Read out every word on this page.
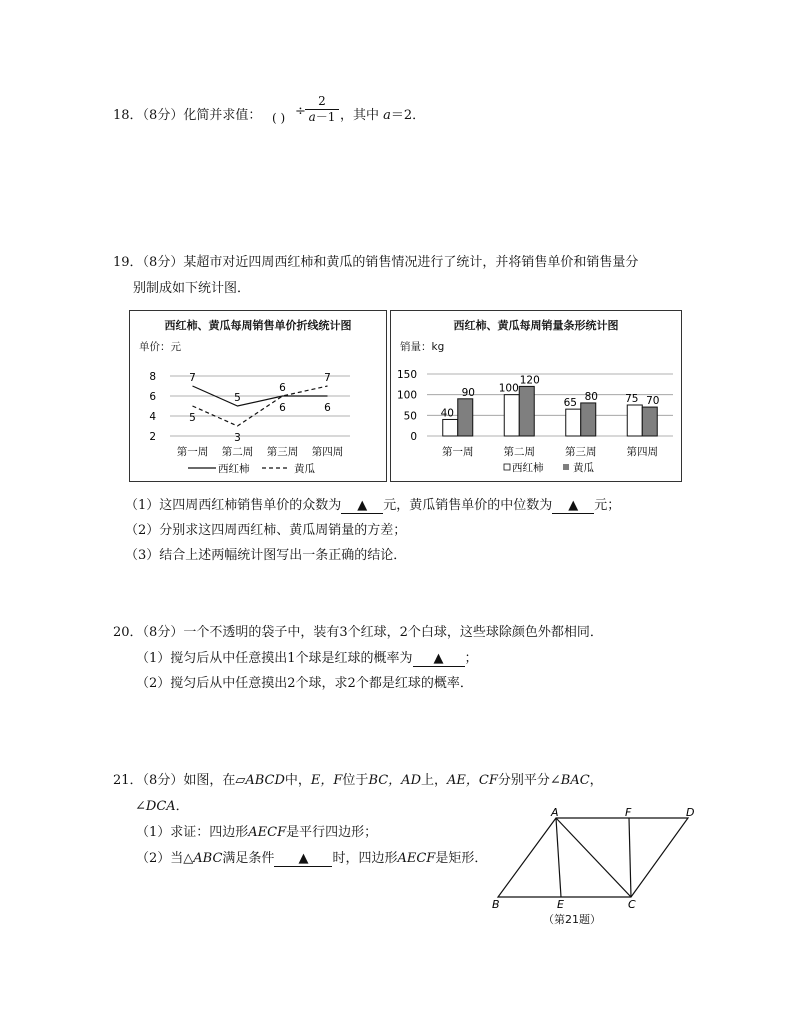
18．（8分）化简并求值： ( ) ÷ $\frac{2}{a-1}$ ，其中 a＝2．
19．（8分）某超市对近四周西红柿和黄瓜的销售情况进行了统计，并将销售单价和销售量分
别制成如下统计图．
西红柿、黄瓜每周销售单价折线统计图
单价：元
2
4
6
8
第一周 第二周 第三周 第四周
7
5
6
6
5
3
6
7
西红柿	黄瓜
西红柿、黄瓜每周销量条形统计图
销量：kg
0
50
100
150
第一周
40
90
第二周
100
120
第三周
65
80
第四周
75 70
西红柿	黄瓜
（1）这四周西红柿销售单价的众数为 ▲ 元，黄瓜销售单价的中位数为 ▲ 元；
（2）分别求这四周西红柿、黄瓜周销量的方差；
（3）结合上述两幅统计图写出一条正确的结论．
20．（8分）一个不透明的袋子中，装有3个红球，2个白球，这些球除颜色外都相同．
（1）搅匀后从中任意摸出1个球是红球的概率为 ▲ ；
（2）搅匀后从中任意摸出2个球，求2个都是红球的概率．
21．（8分）如图，在▱ABCD中，E，F位于BC，AD上，AE，CF分别平分∠BAC，
∠DCA．
（1）求证：四边形AECF是平行四边形；
（2）当△ABC满足条件 ▲ 时，四边形AECF是矩形．
A	F	D
B	E	C
（第21题）
